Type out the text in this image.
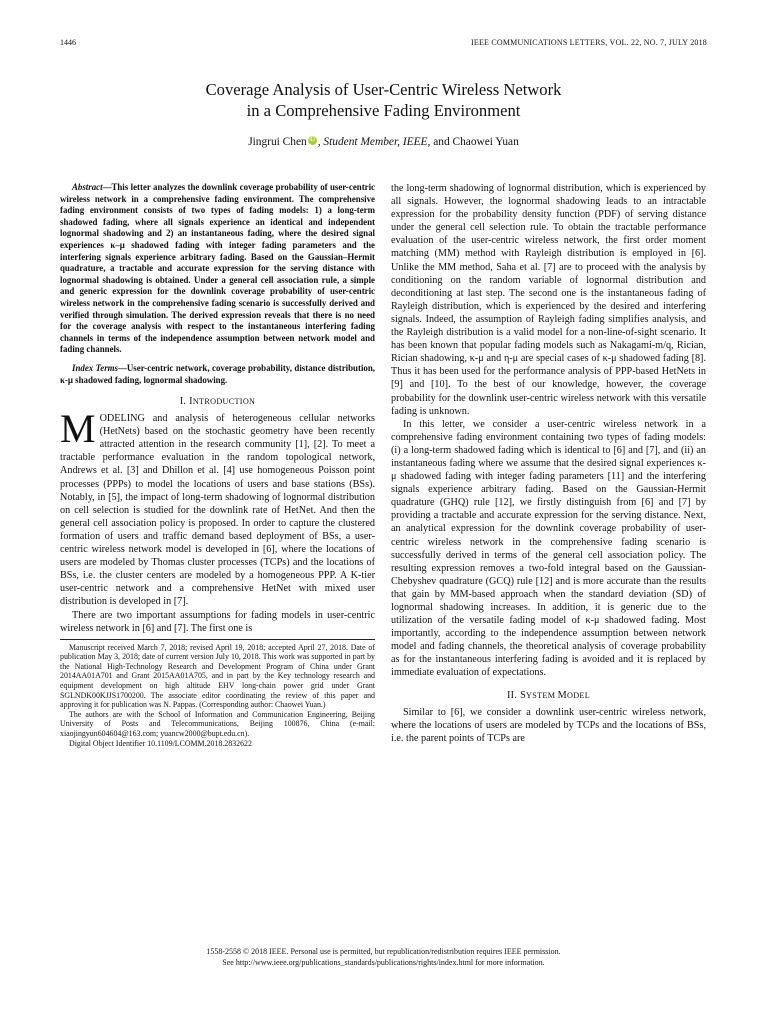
1446	IEEE COMMUNICATIONS LETTERS, VOL. 22, NO. 7, JULY 2018
Coverage Analysis of User-Centric Wireless Network
in a Comprehensive Fading Environment
Jingrui Chen iD , Student Member, IEEE, and Chaowei Yuan

Abstract—This letter analyzes the downlink coverage probability of user-centric wireless network in a comprehensive fading environment. The comprehensive fading environment consists of two types of fading models: 1) a long-term shadowed fading, where all signals experience an identical and independent lognormal shadowing and 2) an instantaneous fading, where the desired signal experiences κ–μ shadowed fading with integer fading parameters and the interfering signals experience arbitrary fading. Based on the Gaussian–Hermit quadrature, a tractable and accurate expression for the serving distance with lognormal shadowing is obtained. Under a general cell association rule, a simple and generic expression for the downlink coverage probability of user-centric wireless network in the comprehensive fading scenario is successfully derived and verified through simulation. The derived expression reveals that there is no need for the coverage analysis with respect to the instantaneous interfering fading channels in terms of the independence assumption between network model and fading channels.

Index Terms—User-centric network, coverage probability, distance distribution, κ-μ shadowed fading, lognormal shadowing.

I. INTRODUCTION

MODELING and analysis of heterogeneous cellular networks (HetNets) based on the stochastic geometry have been recently attracted attention in the research community [1], [2]. To meet a tractable performance evaluation in the random topological network, Andrews et al. [3] and Dhillon et al. [4] use homogeneous Poisson point processes (PPPs) to model the locations of users and base stations (BSs). Notably, in [5], the impact of long-term shadowing of lognormal distribution on cell selection is studied for the downlink rate of HetNet. And then the general cell association policy is proposed. In order to capture the clustered formation of users and traffic demand based deployment of BSs, a user-centric wireless network model is developed in [6], where the locations of users are modeled by Thomas cluster processes (TCPs) and the locations of BSs, i.e. the cluster centers are modeled by a homogeneous PPP. A K-tier user-centric network and a comprehensive HetNet with mixed user distribution is developed in [7].

There are two important assumptions for fading models in user-centric wireless network in [6] and [7]. The first one is

Manuscript received March 7, 2018; revised April 19, 2018; accepted April 27, 2018. Date of publication May 3, 2018; date of current version July 10, 2018. This work was supported in part by the National High-Technology Research and Development Program of China under Grant 2014AA01A701 and Grant 2015AA01A705, and in part by the Key technology research and equipment development on high altitude EHV long-chain power grid under Grant SGLNDK00KJJS1700200. The associate editor coordinating the review of this paper and approving it for publication was N. Pappas. (Corresponding author: Chaowei Yuan.)

The authors are with the School of Information and Communication Engineering, Beijing University of Posts and Telecommunications, Beijing 100876, China (e-mail: xiaojingyun604604@163.com; yuancw2000@bupt.edu.cn).

Digital Object Identifier 10.1109/LCOMM.2018.2832622

the long-term shadowing of lognormal distribution, which is experienced by all signals. However, the lognormal shadowing leads to an intractable expression for the probability density function (PDF) of serving distance under the general cell selection rule. To obtain the tractable performance evaluation of the user-centric wireless network, the first order moment matching (MM) method with Rayleigh distribution is employed in [6]. Unlike the MM method, Saha et al. [7] are to proceed with the analysis by conditioning on the random variable of lognormal distribution and deconditioning at last step. The second one is the instantaneous fading of Rayleigh distribution, which is experienced by the desired and interfering signals. Indeed, the assumption of Rayleigh fading simplifies analysis, and the Rayleigh distribution is a valid model for a non-line-of-sight scenario. It has been known that popular fading models such as Nakagami-m/q, Rician, Rician shadowing, κ-μ and η-μ are special cases of κ-μ shadowed fading [8]. Thus it has been used for the performance analysis of PPP-based HetNets in [9] and [10]. To the best of our knowledge, however, the coverage probability for the downlink user-centric wireless network with this versatile fading is unknown.

In this letter, we consider a user-centric wireless network in a comprehensive fading environment containing two types of fading models: (i) a long-term shadowed fading which is identical to [6] and [7], and (ii) an instantaneous fading where we assume that the desired signal experiences κ-μ shadowed fading with integer fading parameters [11] and the interfering signals experience arbitrary fading. Based on the Gaussian-Hermit quadrature (GHQ) rule [12], we firstly distinguish from [6] and [7] by providing a tractable and accurate expression for the serving distance. Next, an analytical expression for the downlink coverage probability of user-centric wireless network in the comprehensive fading scenario is successfully derived in terms of the general cell association policy. The resulting expression removes a two-fold integral based on the Gaussian-Chebyshev quadrature (GCQ) rule [12] and is more accurate than the results that gain by MM-based approach when the standard deviation (SD) of lognormal shadowing increases. In addition, it is generic due to the utilization of the versatile fading model of κ-μ shadowed fading. Most importantly, according to the independence assumption between network model and fading channels, the theoretical analysis of coverage probability as for the instantaneous interfering fading is avoided and it is replaced by immediate evaluation of expectations.

II. SYSTEM MODEL

Similar to [6], we consider a downlink user-centric wireless network, where the locations of users are modeled by TCPs and the locations of BSs, i.e. the parent points of TCPs are

1558-2558 © 2018 IEEE. Personal use is permitted, but republication/redistribution requires IEEE permission.
See http://www.ieee.org/publications_standards/publications/rights/index.html for more information.
